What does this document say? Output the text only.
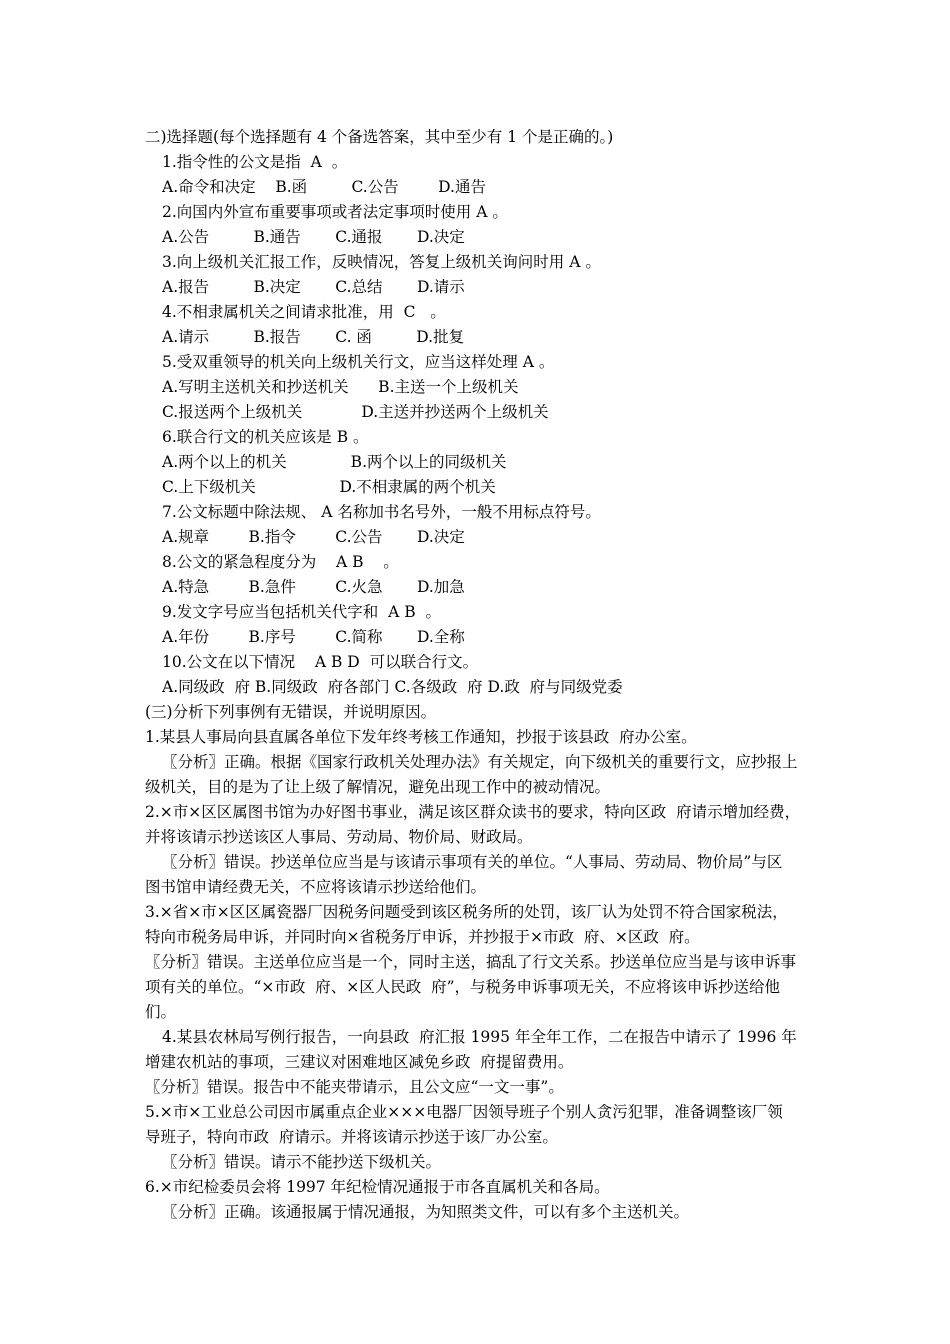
二)选择题(每个选择题有 4 个备选答案，其中至少有 1 个是正确的。)
1.指令性的公文是指  A  。
A.命令和决定    B.函         C.公告        D.通告
2.向国内外宣布重要事项或者法定事项时使用 A 。
A.公告         B.通告       C.通报       D.决定
3.向上级机关汇报工作，反映情况，答复上级机关询问时用 A 。
A.报告         B.决定       C.总结       D.请示
4.不相隶属机关之间请求批准，用  C   。
A.请示         B.报告       C. 函         D.批复
5.受双重领导的机关向上级机关行文，应当这样处理 A 。
A.写明主送机关和抄送机关      B.主送一个上级机关
C.报送两个上级机关            D.主送并抄送两个上级机关
6.联合行文的机关应该是 B 。
A.两个以上的机关             B.两个以上的同级机关
C.上下级机关                 D.不相隶属的两个机关
7.公文标题中除法规、 A 名称加书名号外，一般不用标点符号。
A.规章        B.指令        C.公告       D.决定
8.公文的紧急程度分为    A B    。
A.特急        B.急件        C.火急       D.加急
9.发文字号应当包括机关代字和  A B  。
A.年份        B.序号        C.简称       D.全称
10.公文在以下情况    A B D  可以联合行文。
A.同级政  府 B.同级政  府各部门 C.各级政  府 D.政  府与同级党委
(三)分析下列事例有无错误，并说明原因。
1.某县人事局向县直属各单位下发年终考核工作通知，抄报于该县政  府办公室。
〖分析〗正确。根据《国家行政机关处理办法》有关规定，向下级机关的重要行文，应抄报上
级机关，目的是为了让上级了解情况，避免出现工作中的被动情况。
2.×市×区区属图书馆为办好图书事业，满足该区群众读书的要求，特向区政  府请示增加经费，
并将该请示抄送该区人事局、劳动局、物价局、财政局。
〖分析〗错误。抄送单位应当是与该请示事项有关的单位。“人事局、劳动局、物价局”与区
图书馆申请经费无关，不应将该请示抄送给他们。
3.×省×市×区区属瓷器厂因税务问题受到该区税务所的处罚，该厂认为处罚不符合国家税法，
特向市税务局申诉，并同时向×省税务厅申诉，并抄报于×市政  府、×区政  府。
〖分析〗错误。主送单位应当是一个，同时主送，搞乱了行文关系。抄送单位应当是与该申诉事
项有关的单位。“×市政  府、×区人民政  府”，与税务申诉事项无关，不应将该申诉抄送给他
们。
4.某县农林局写例行报告，一向县政  府汇报 1995 年全年工作，二在报告中请示了 1996 年
增建农机站的事项，三建议对困难地区减免乡政  府提留费用。
〖分析〗错误。报告中不能夹带请示，且公文应“一文一事”。
5.×市×工业总公司因市属重点企业×××电器厂因领导班子个别人贪污犯罪，准备调整该厂领
导班子，特向市政  府请示。并将该请示抄送于该厂办公室。
〖分析〗错误。请示不能抄送下级机关。
6.×市纪检委员会将 1997 年纪检情况通报于市各直属机关和各局。
〖分析〗正确。该通报属于情况通报，为知照类文件，可以有多个主送机关。
